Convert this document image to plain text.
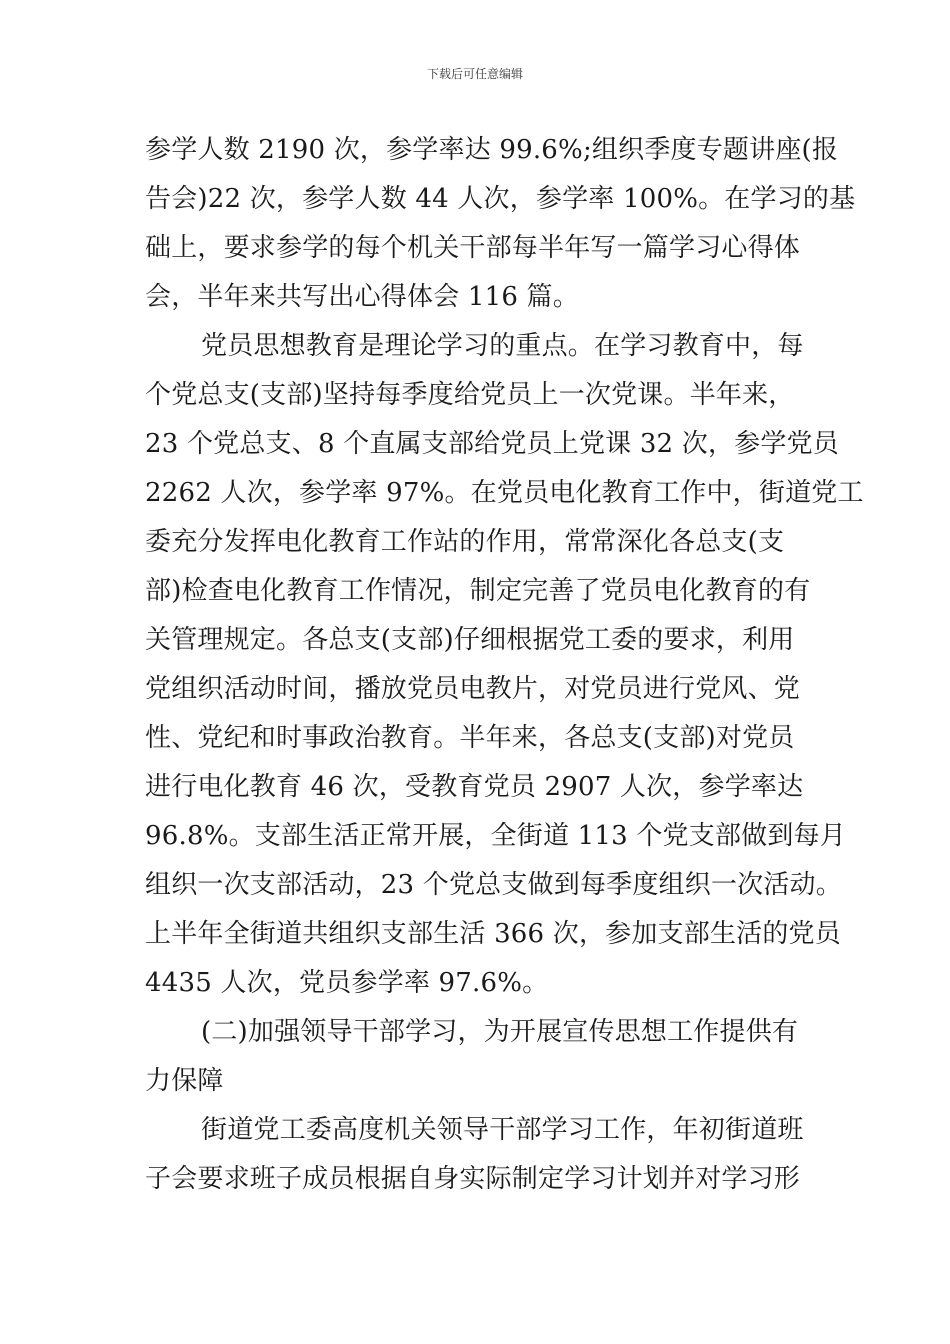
下载后可任意编辑
参学人数 2190 次，参学率达 99.6%;组织季度专题讲座(报
告会)22 次，参学人数 44 人次，参学率 100%。在学习的基
础上，要求参学的每个机关干部每半年写一篇学习心得体
会，半年来共写出心得体会 116 篇。
党员思想教育是理论学习的重点。在学习教育中，每
个党总支(支部)坚持每季度给党员上一次党课。半年来，
23 个党总支、8 个直属支部给党员上党课 32 次，参学党员
2262 人次，参学率 97%。在党员电化教育工作中，街道党工
委充分发挥电化教育工作站的作用，常常深化各总支(支
部)检查电化教育工作情况，制定完善了党员电化教育的有
关管理规定。各总支(支部)仔细根据党工委的要求，利用
党组织活动时间，播放党员电教片，对党员进行党风、党
性、党纪和时事政治教育。半年来，各总支(支部)对党员
进行电化教育 46 次，受教育党员 2907 人次，参学率达
96.8%。支部生活正常开展，全街道 113 个党支部做到每月
组织一次支部活动，23 个党总支做到每季度组织一次活动。
上半年全街道共组织支部生活 366 次，参加支部生活的党员
4435 人次，党员参学率 97.6%。
(二)加强领导干部学习，为开展宣传思想工作提供有
力保障
街道党工委高度机关领导干部学习工作，年初街道班
子会要求班子成员根据自身实际制定学习计划并对学习形
